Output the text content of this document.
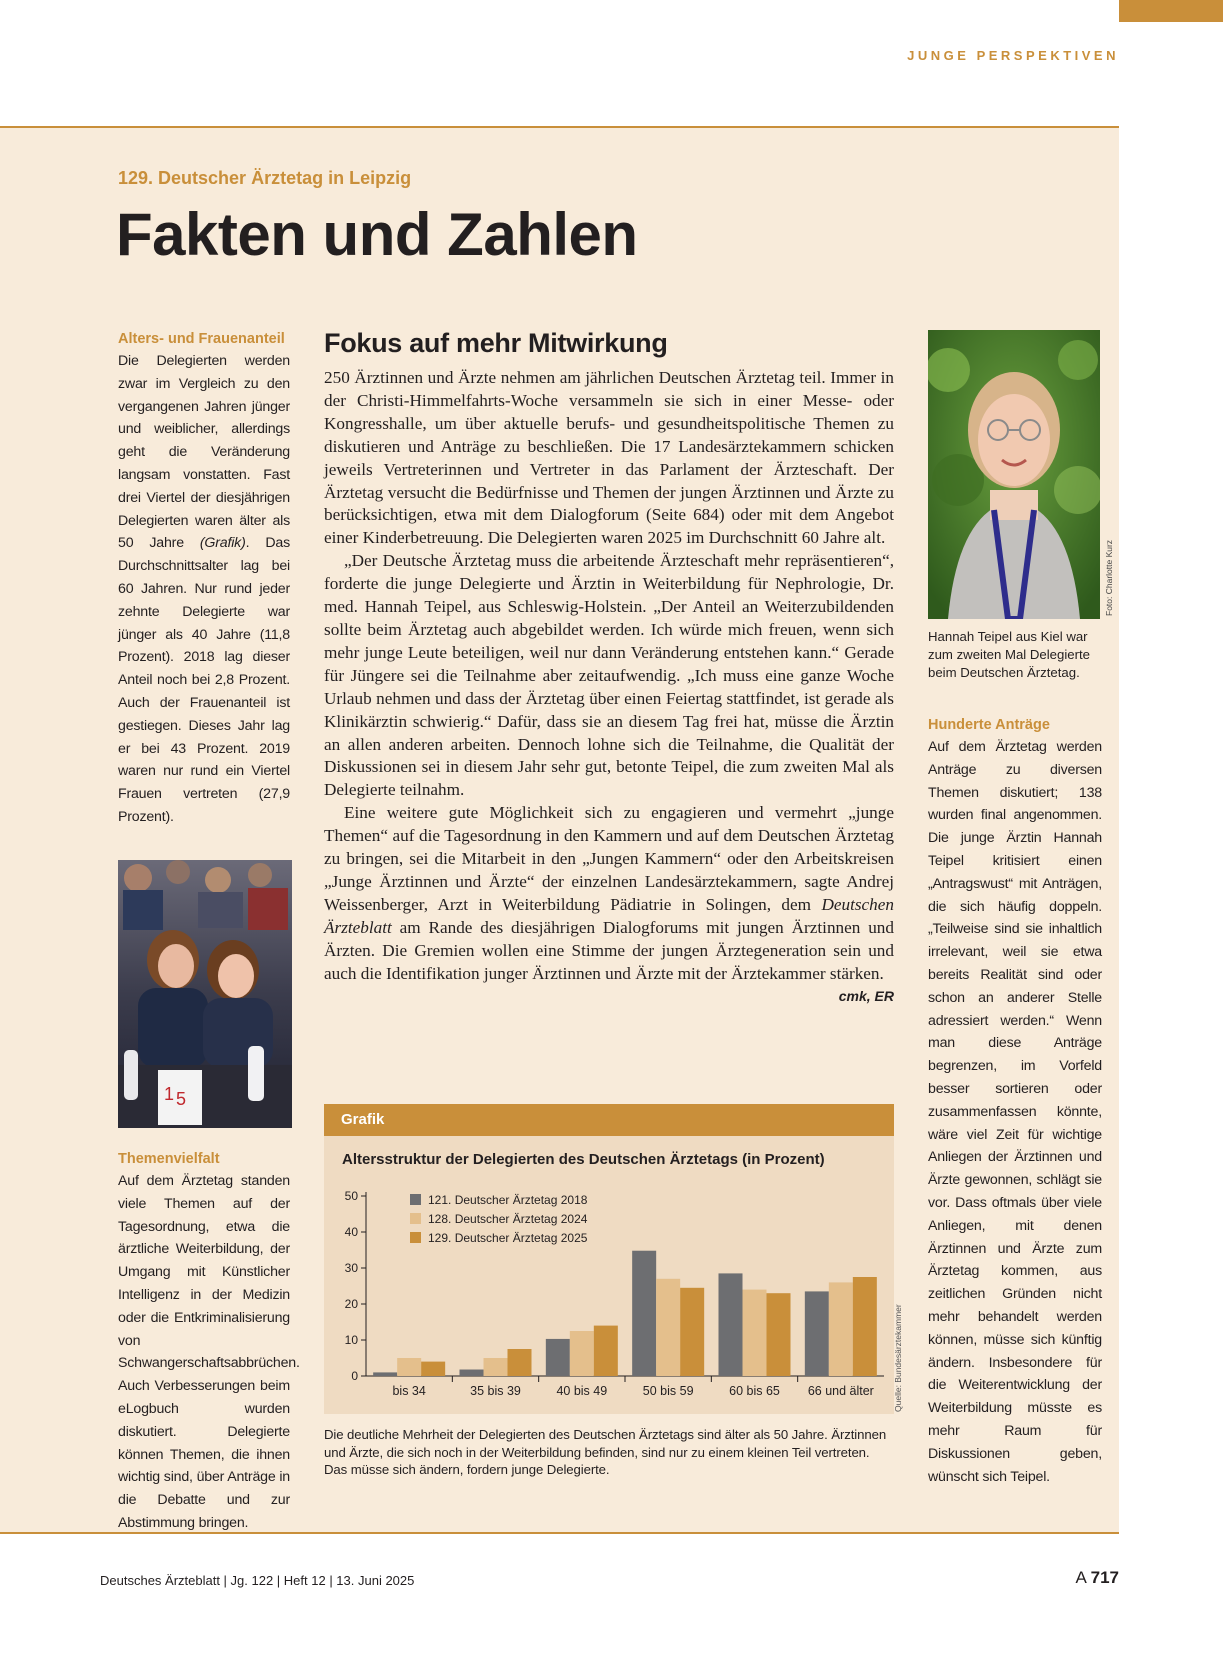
JUNGE PERSPEKTIVEN
129. Deutscher Ärztetag in Leipzig
Fakten und Zahlen
Alters- und Frauenanteil

Die Delegierten werden zwar im Vergleich zu den vergangenen Jahren jünger und weiblicher, allerdings geht die Veränderung langsam vonstatten. Fast drei Viertel der diesjährigen Delegierten waren älter als 50 Jahre (Grafik). Das Durchschnittsalter lag bei 60 Jahren. Nur rund jeder zehnte Delegierte war jünger als 40 Jahre (11,8 Prozent). 2018 lag dieser Anteil noch bei 2,8 Prozent. Auch der Frauenanteil ist gestiegen. Dieses Jahr lag er bei 43 Prozent. 2019 waren nur rund ein Viertel Frauen vertreten (27,9 Prozent).

1 5
Themenvielfalt

Auf dem Ärztetag standen viele Themen auf der Tagesordnung, etwa die ärztliche Weiterbildung, der Umgang mit Künstlicher Intelligenz in der Medizin oder die Entkriminalisierung von Schwangerschaftsabbrüchen. Auch Verbesserungen beim eLogbuch wurden diskutiert. Delegierte können Themen, die ihnen wichtig sind, über Anträge in die Debatte und zur Abstimmung bringen.

Fokus auf mehr Mitwirkung

250 Ärztinnen und Ärzte nehmen am jährlichen Deutschen Ärztetag teil. Immer in der Christi-Himmelfahrts-Woche versammeln sie sich in einer Messe- oder Kongresshalle, um über aktuelle berufs- und gesundheitspolitische Themen zu diskutieren und Anträge zu beschließen. Die 17 Landesärztekammern schicken jeweils Vertreterinnen und Vertreter in das Parlament der Ärzteschaft. Der Ärztetag versucht die Bedürfnisse und Themen der jungen Ärztinnen und Ärzte zu berücksichtigen, etwa mit dem Dialogforum (Seite 684) oder mit dem Angebot einer Kinderbetreuung. Die Delegierten waren 2025 im Durchschnitt 60 Jahre alt.

„Der Deutsche Ärztetag muss die arbeitende Ärzteschaft mehr repräsentieren“, forderte die junge Delegierte und Ärztin in Weiterbildung für Nephrologie, Dr. med. Hannah Teipel, aus Schleswig-Holstein. „Der Anteil an Weiterzubildenden sollte beim Ärztetag auch abgebildet werden. Ich würde mich freuen, wenn sich mehr junge Leute beteiligen, weil nur dann Veränderung entstehen kann.“ Gerade für Jüngere sei die Teilnahme aber zeitaufwendig. „Ich muss eine ganze Woche Urlaub nehmen und dass der Ärztetag über einen Feiertag stattfindet, ist gerade als Klinikärztin schwierig.“ Dafür, dass sie an diesem Tag frei hat, müsse die Ärztin an allen anderen arbeiten. Dennoch lohne sich die Teilnahme, die Qualität der Diskussionen sei in diesem Jahr sehr gut, betonte Teipel, die zum zweiten Mal als Delegierte teilnahm.

Eine weitere gute Möglichkeit sich zu engagieren und vermehrt „junge Themen“ auf die Tagesordnung in den Kammern und auf dem Deutschen Ärztetag zu bringen, sei die Mitarbeit in den „Jungen Kammern“ oder den Arbeitskreisen „Junge Ärztinnen und Ärzte“ der einzelnen Landesärztekammern, sagte Andrej Weissenberger, Arzt in Weiterbildung Pädiatrie in Solingen, dem Deutschen Ärzteblatt am Rande des diesjährigen Dialogforums mit jungen Ärztinnen und Ärzten. Die Gremien wollen eine Stimme der jungen Ärztegeneration sein und auch die Identifikation junger Ärztinnen und Ärzte mit der Ärztekammer stärken.
cmk, ER

Grafik
Altersstruktur der Delegierten des Deutschen Ärztetags (in Prozent)
0
10
20
30
40
50
bis 34	35 bis 39	40 bis 49	50 bis 59	60 bis 65 66 und älter
121. Deutscher Ärztetag 2018
128. Deutscher Ärztetag 2024
129. Deutscher Ärztetag 2025
Quelle: Bundesärztekammer
Die deutliche Mehrheit der Delegierten des Deutschen Ärztetags sind älter als 50 Jahre. Ärztinnen und Ärzte, die sich noch in der Weiterbildung befinden, sind nur zu einem kleinen Teil vertreten. Das müsse sich ändern, fordern junge Delegierte.
Foto: Charlotte Kurz
Hannah Teipel aus Kiel war zum zweiten Mal Delegierte beim Deutschen Ärztetag.
Hunderte Anträge

Auf dem Ärztetag werden Anträge zu diversen Themen diskutiert; 138 wurden final angenommen. Die junge Ärztin Hannah Teipel kritisiert einen „Antragswust“ mit Anträgen, die sich häufig doppeln. „Teilweise sind sie inhaltlich irrelevant, weil sie etwa bereits Realität sind oder schon an anderer Stelle adressiert werden.“ Wenn man diese Anträge begrenzen, im Vorfeld besser sortieren oder zusammenfassen könnte, wäre viel Zeit für wichtige Anliegen der Ärztinnen und Ärzte gewonnen, schlägt sie vor. Dass oftmals über viele Anliegen, mit denen Ärztinnen und Ärzte zum Ärztetag kommen, aus zeitlichen Gründen nicht mehr behandelt werden können, müsse sich künftig ändern. Insbesondere für die Weiterentwicklung der Weiterbildung müsste es mehr Raum für Diskussionen geben, wünscht sich Teipel.

Deutsches Ärzteblatt | Jg. 122 | Heft 12 | 13. Juni 2025	A 717
